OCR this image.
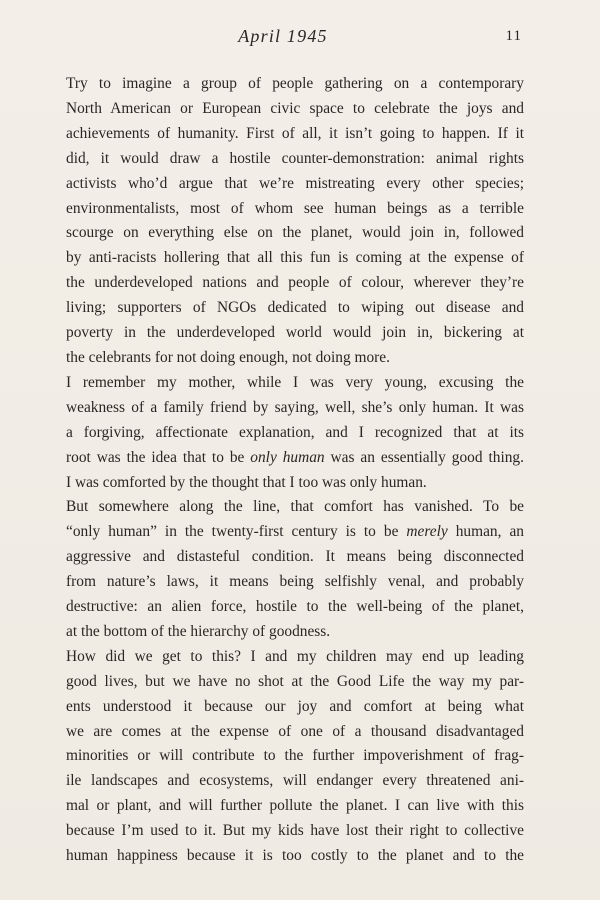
April 1945	11

Try to imagine a group of people gathering on a contemporary
North American or European civic space to celebrate the joys and
achievements of humanity. First of all, it isn’t going to happen. If it
did, it would draw a hostile counter-demonstration: animal rights
activists who’d argue that we’re mistreating every other species;
environmentalists, most of whom see human beings as a terrible
scourge on everything else on the planet, would join in, followed
by anti-racists hollering that all this fun is coming at the expense of
the underdeveloped nations and people of colour, wherever they’re
living; supporters of NGOs dedicated to wiping out disease and
poverty in the underdeveloped world would join in, bickering at
the celebrants for not doing enough, not doing more.

I remember my mother, while I was very young, excusing the
weakness of a family friend by saying, well, she’s only human. It was
a forgiving, affectionate explanation, and I recognized that at its
root was the idea that to be only human was an essentially good thing.
I was comforted by the thought that I too was only human.

But somewhere along the line, that comfort has vanished. To be
“only human” in the twenty-first century is to be merely human, an
aggressive and distasteful condition. It means being disconnected
from nature’s laws, it means being selfishly venal, and probably
destructive: an alien force, hostile to the well-being of the planet,
at the bottom of the hierarchy of goodness.

How did we get to this? I and my children may end up leading
good lives, but we have no shot at the Good Life the way my par-
ents understood it because our joy and comfort at being what
we are comes at the expense of one of a thousand disadvantaged
minorities or will contribute to the further impoverishment of frag-
ile landscapes and ecosystems, will endanger every threatened ani-
mal or plant, and will further pollute the planet. I can live with this
because I’m used to it. But my kids have lost their right to collective
human happiness because it is too costly to the planet and to the
